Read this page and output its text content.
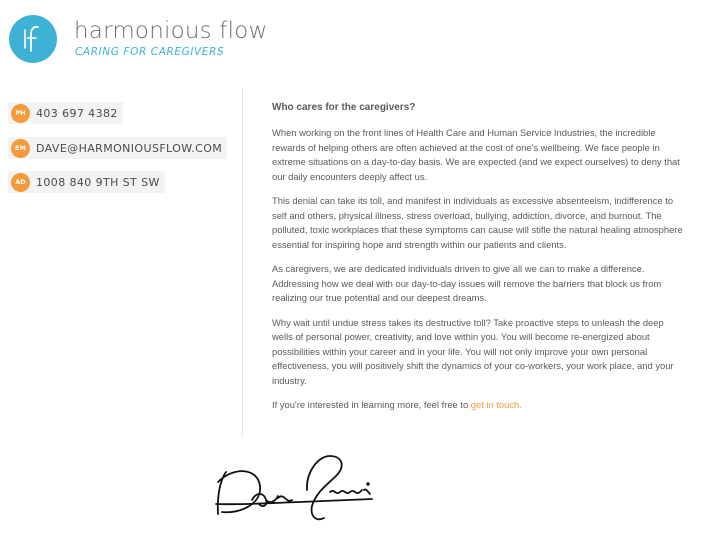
harmonious flow
CARING FOR CAREGIVERS
PH 403 697 4382
EM DAVE@HARMONIOUSFLOW.COM
AD 1008 840 9TH ST SW
Who cares for the caregivers?

When working on the front lines of Health Care and Human Service Industries, the incredible rewards of helping others are often achieved at the cost of one's wellbeing. We face people in extreme situations on a day-to-day basis. We are expected (and we expect ourselves) to deny that our daily encounters deeply affect us.

This denial can take its toll, and manifest in individuals as excessive absenteeism, indifference to self and others, physical illness, stress overload, bullying, addiction, divorce, and burnout. The polluted, toxic workplaces that these symptoms can cause will stifle the natural healing atmosphere essential for inspiring hope and strength within our patients and clients.

As caregivers, we are dedicated individuals driven to give all we can to make a difference. Addressing how we deal with our day-to-day issues will remove the barriers that block us from realizing our true potential and our deepest dreams.

Why wait until undue stress takes its destructive toll? Take proactive steps to unleash the deep wells of personal power, creativity, and love within you. You will become re-energized about possibilities within your career and in your life. You will not only improve your own personal effectiveness, you will positively shift the dynamics of your co-workers, your work place, and your industry.

If you're interested in learning more, feel free to get in touch.
